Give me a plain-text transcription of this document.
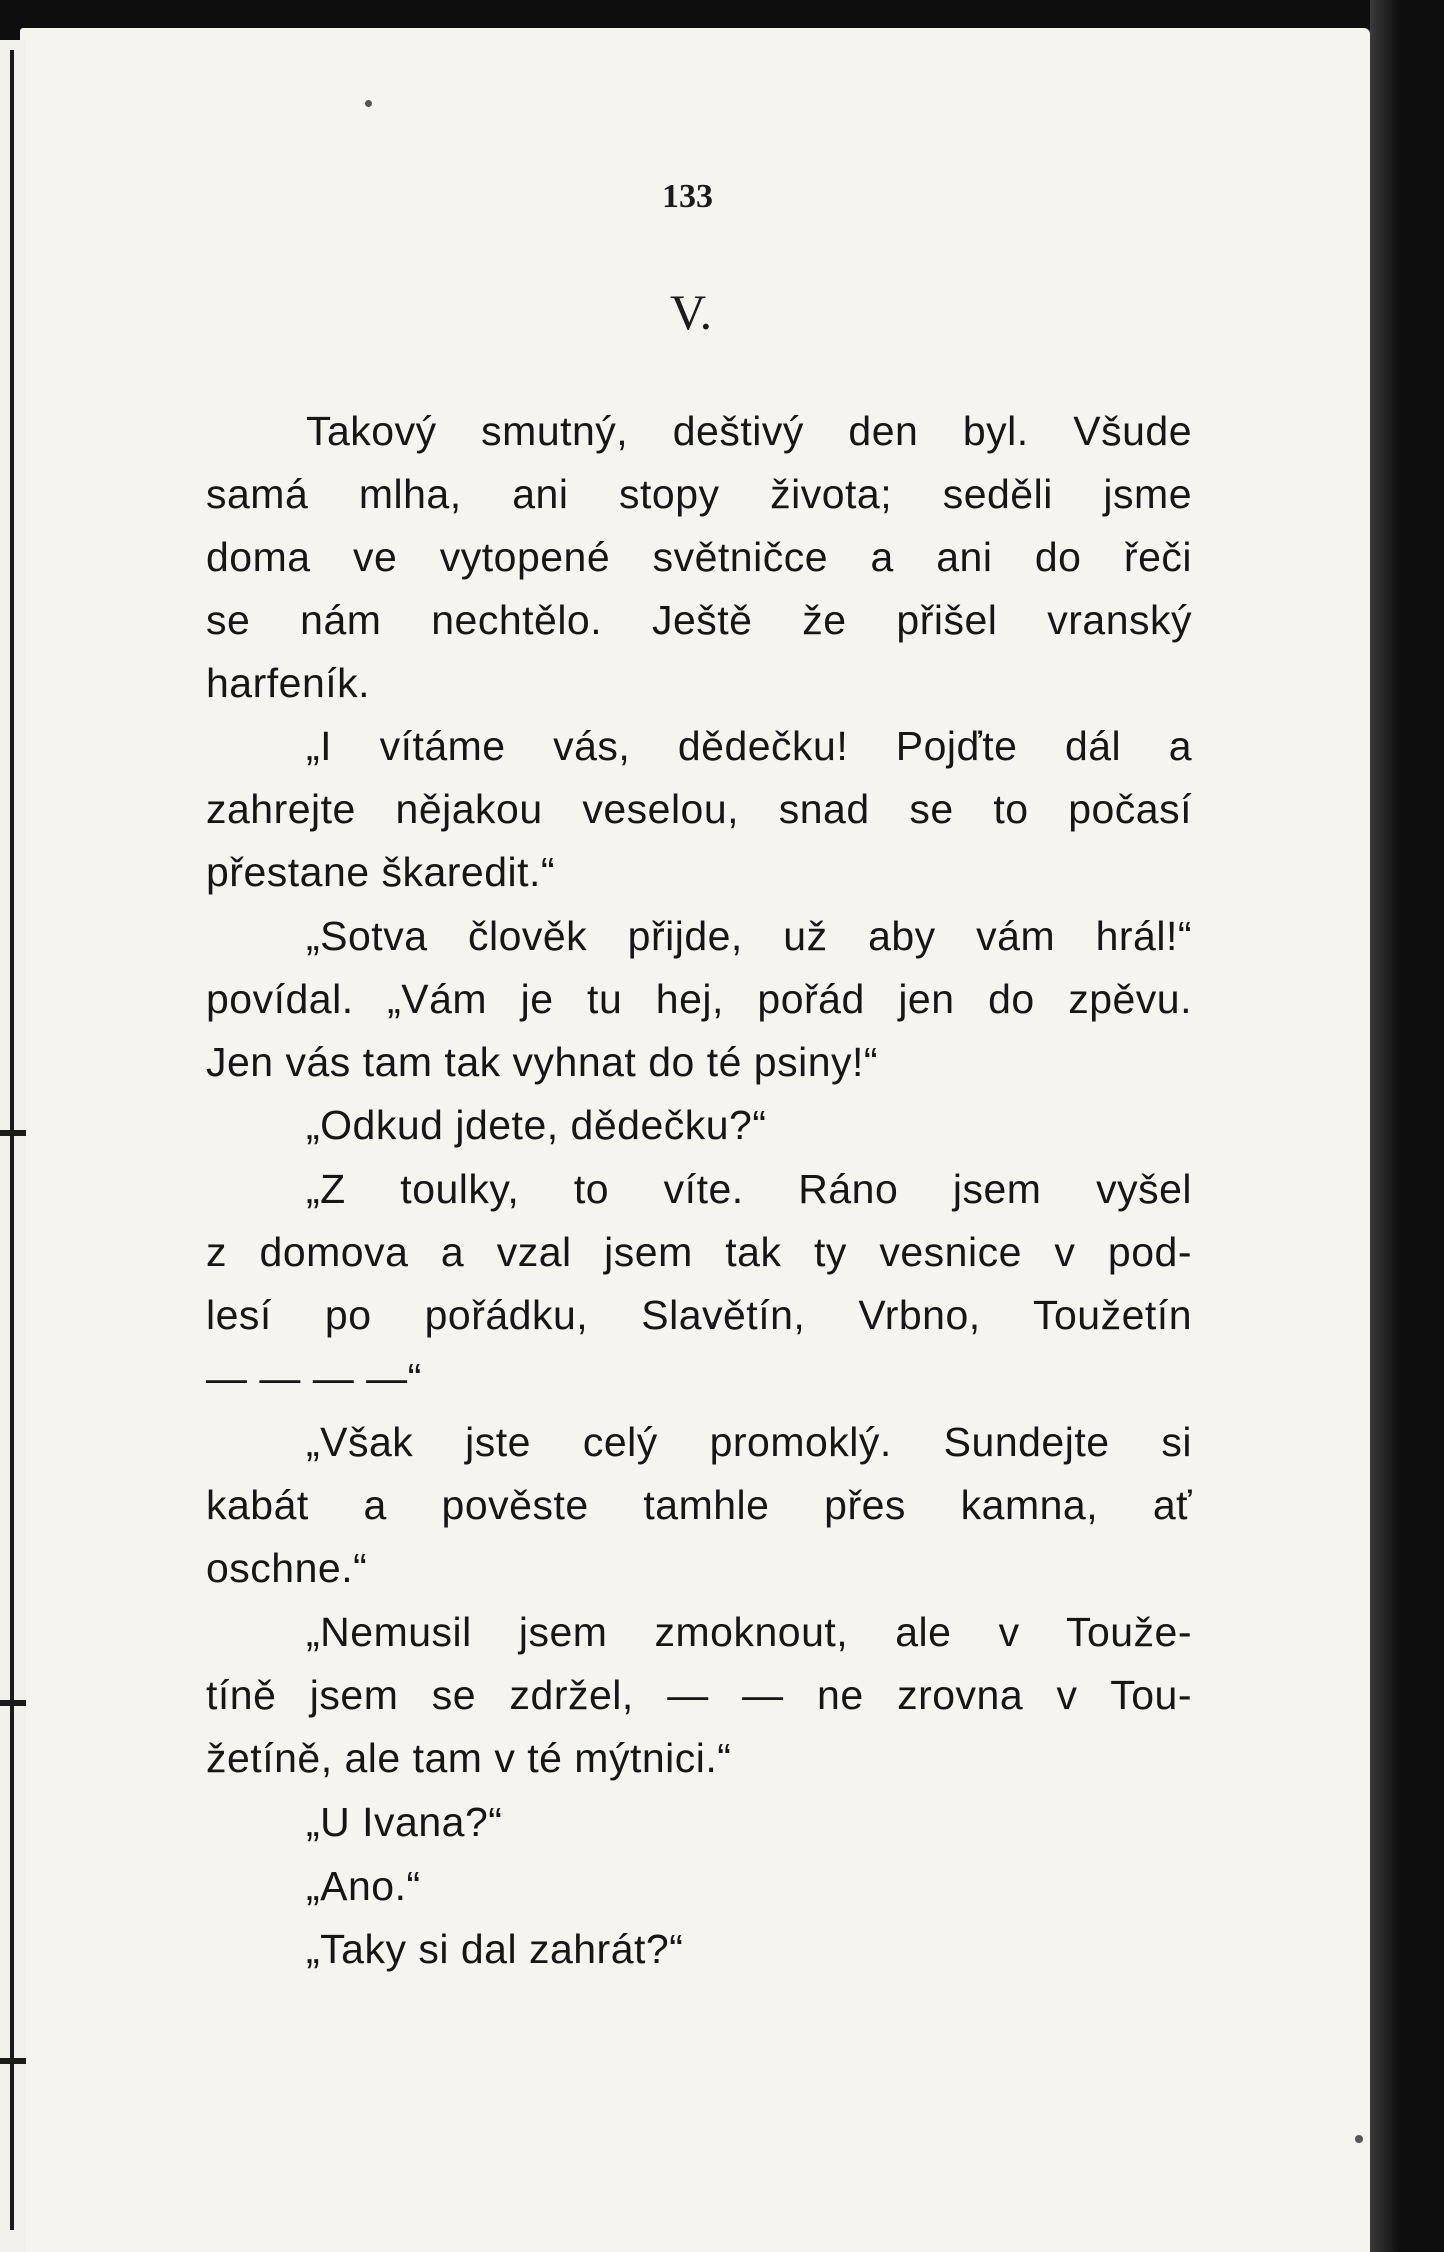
133
V.
Takový smutný, deštivý den byl. Všude
samá mlha, ani stopy života; seděli jsme
doma ve vytopené světničce a ani do řeči
se nám nechtělo. Ještě že přišel vranský
harfeník.
„I vítáme vás, dědečku! Pojďte dál a
zahrejte nějakou veselou, snad se to počasí
přestane škaredit.“
„Sotva člověk přijde, už aby vám hrál!“
povídal. „Vám je tu hej, pořád jen do zpěvu.
Jen vás tam tak vyhnat do té psiny!“
„Odkud jdete, dědečku?“
„Z toulky, to víte. Ráno jsem vyšel
z domova a vzal jsem tak ty vesnice v pod-
lesí po pořádku, Slavětín, Vrbno, Toužetín
— — — —“
„Však jste celý promoklý. Sundejte si
kabát a pověste tamhle přes kamna, ať
oschne.“
„Nemusil jsem zmoknout, ale v Touže-
tíně jsem se zdržel, — — ne zrovna v Tou-
žetíně, ale tam v té mýtnici.“
„U Ivana?“
„Ano.“
„Taky si dal zahrát?“
